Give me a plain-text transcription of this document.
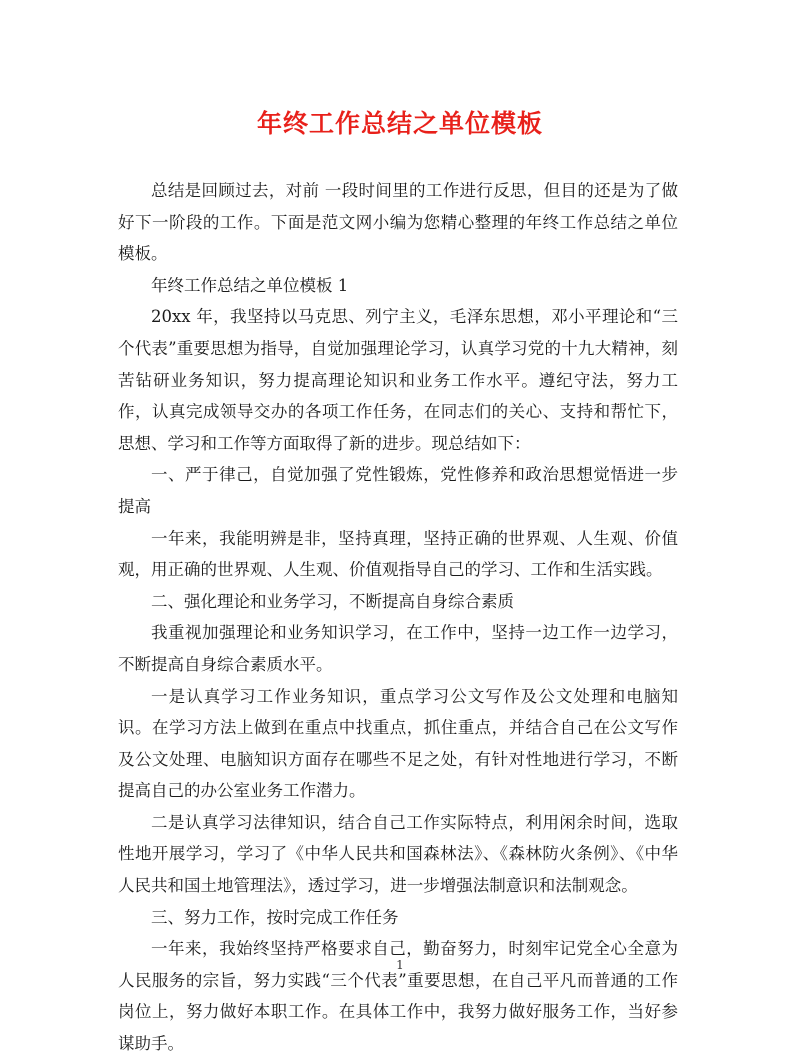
年终工作总结之单位模板

总结是回顾过去，对前 一段时间里的工作进行反思，但目的还是为了做好下一阶段的工作。下面是范文网小编为您精心整理的年终工作总结之单位模板。

年终工作总结之单位模板 1

20xx 年，我坚持以马克思、列宁主义，毛泽东思想，邓小平理论和“三个代表”重要思想为指导，自觉加强理论学习，认真学习党的十九大精神，刻苦钻研业务知识，努力提高理论知识和业务工作水平。遵纪守法，努力工作，认真完成领导交办的各项工作任务，在同志们的关心、支持和帮忙下，思想、学习和工作等方面取得了新的进步。现总结如下：

一、严于律己，自觉加强了党性锻炼，党性修养和政治思想觉悟进一步提高

一年来，我能明辨是非，坚持真理，坚持正确的世界观、人生观、价值观，用正确的世界观、人生观、价值观指导自己的学习、工作和生活实践。

二、强化理论和业务学习，不断提高自身综合素质

我重视加强理论和业务知识学习，在工作中，坚持一边工作一边学习，不断提高自身综合素质水平。

一是认真学习工作业务知识，重点学习公文写作及公文处理和电脑知识。在学习方法上做到在重点中找重点，抓住重点，并结合自己在公文写作及公文处理、电脑知识方面存在哪些不足之处，有针对性地进行学习，不断提高自己的办公室业务工作潜力。

二是认真学习法律知识，结合自己工作实际特点，利用闲余时间，选取性地开展学习，学习了《中华人民共和国森林法》、《森林防火条例》、《中华人民共和国土地管理法》，透过学习，进一步增强法制意识和法制观念。

三、努力工作，按时完成工作任务

一年来，我始终坚持严格要求自己，勤奋努力，时刻牢记党全心全意为人民服务的宗旨，努力实践“三个代表”重要思想，在自己平凡而普通的工作岗位上，努力做好本职工作。在具体工作中，我努力做好服务工作，当好参谋助手。

1
